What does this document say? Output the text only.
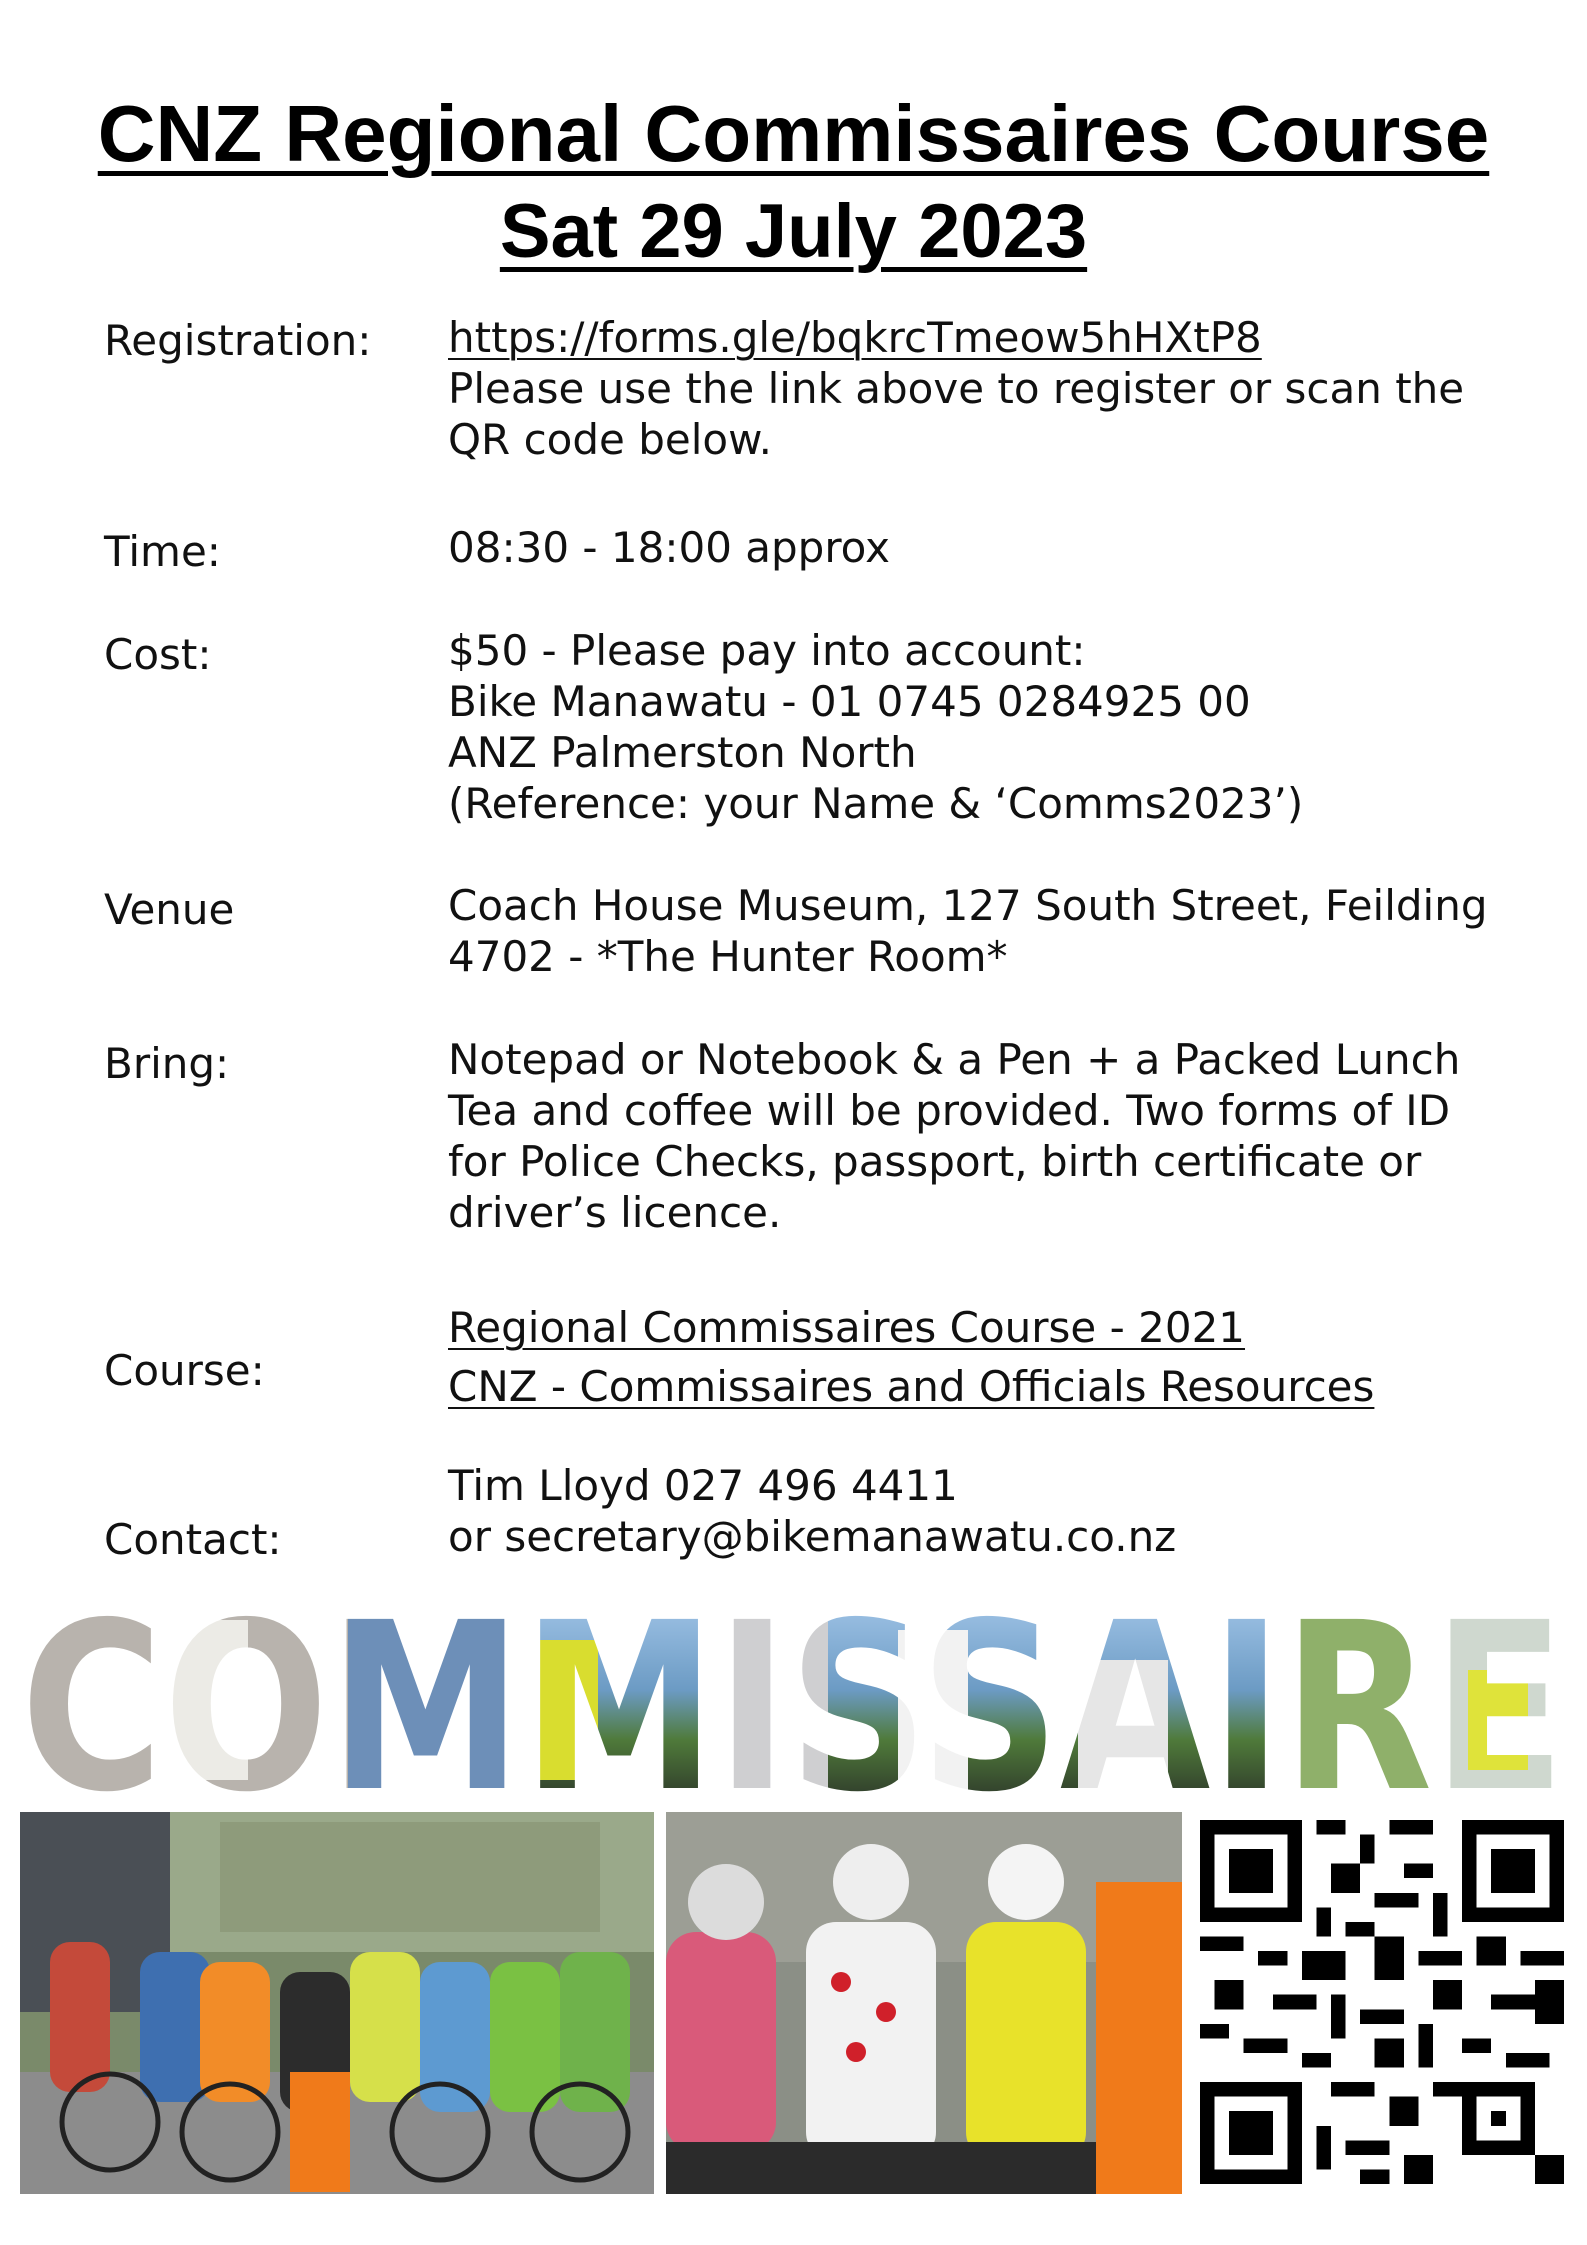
CNZ Regional Commissaires Course
Sat 29 July 2023
Registration: https://forms.gle/bqkrcTmeow5hHXtP8
Please use the link above to register or scan the
QR code below.
Time:	08:30 - 18:00 approx
Cost:	$50 - Please pay into account:
Bike Manawatu - 01 0745 0284925 00
ANZ Palmerston North
(Reference: your Name & ‘Comms2023’)
Venue	Coach House Museum, 127 South Street, Feilding
4702 - *The Hunter Room*
Bring:	Notepad or Notebook & a Pen + a Packed Lunch
Tea and coffee will be provided. Two forms of ID
for Police Checks, passport, birth certificate or
driver’s licence.
Course:
Regional Commissaires Course - 2021
CNZ - Commissaires and Officials Resources
Contact:
Tim Lloyd 027 496 4411
or secretary@bikemanawatu.co.nz
COMMISSAIRE
